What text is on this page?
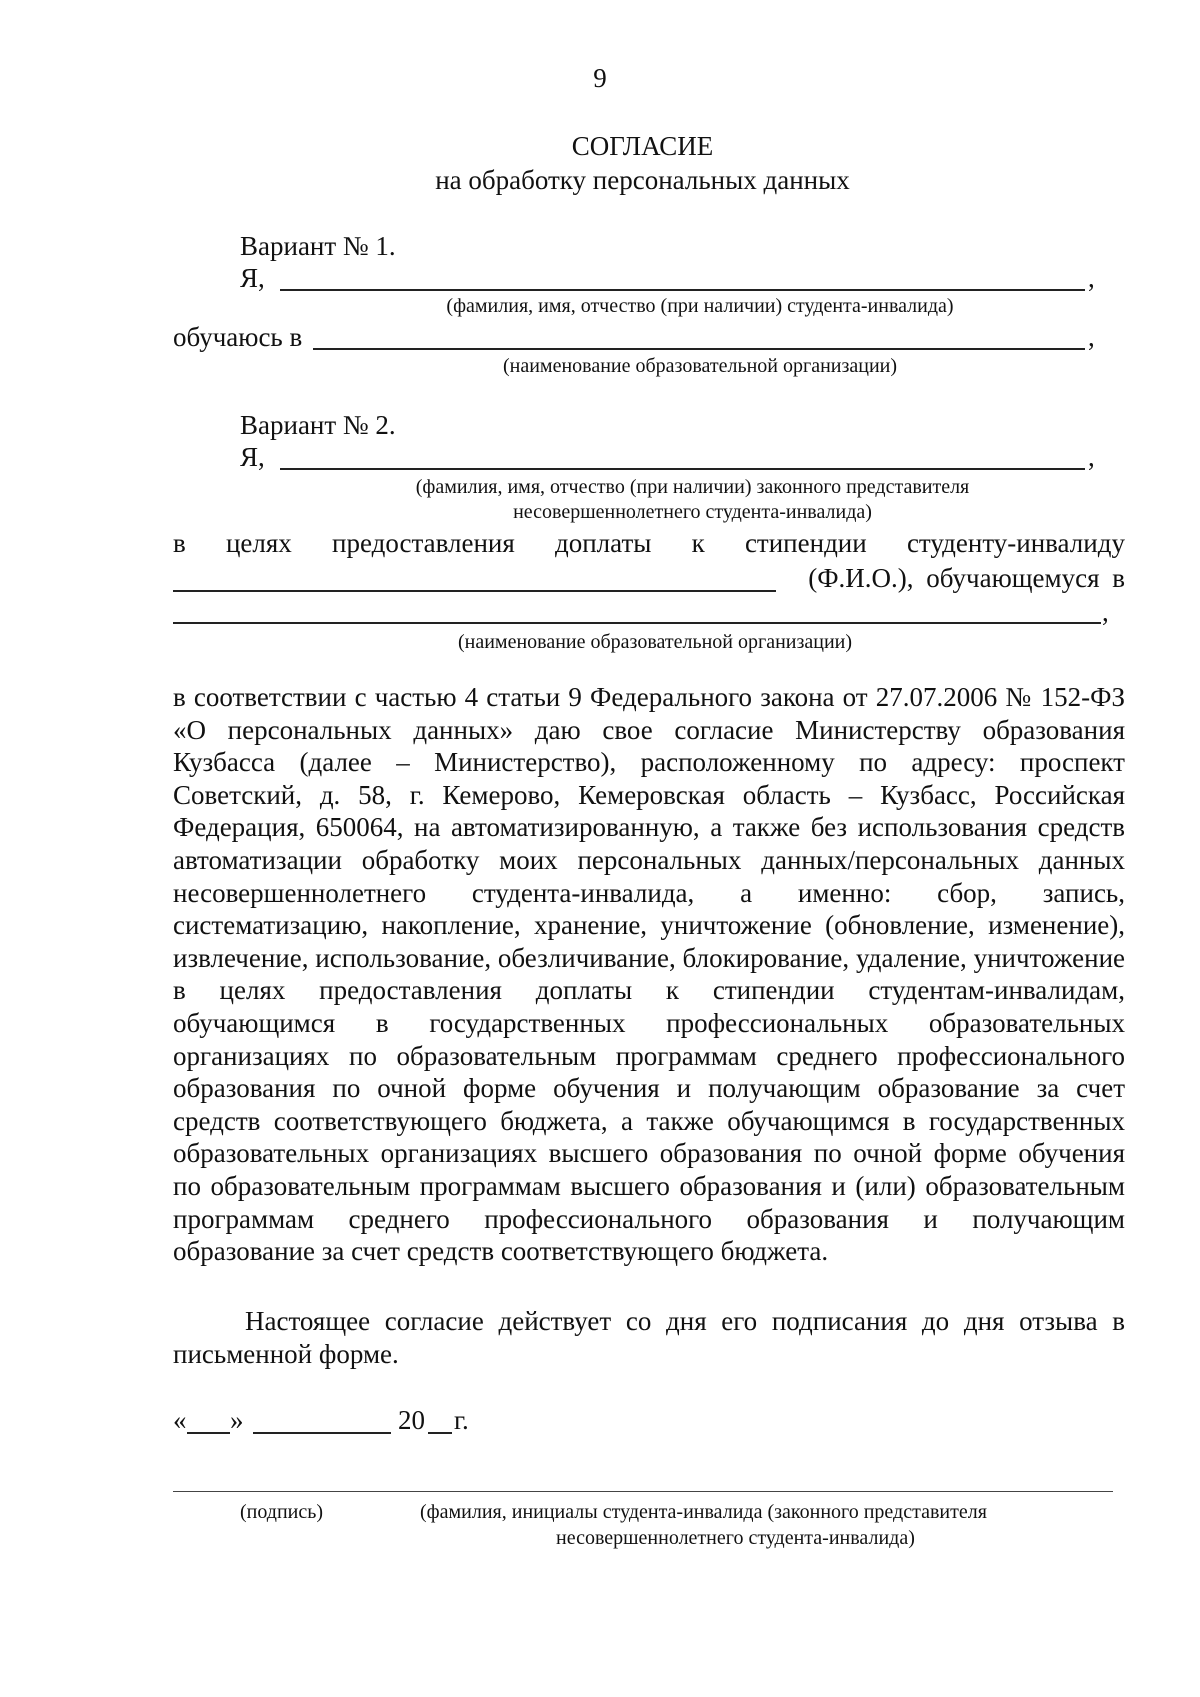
9
СОГЛАСИЕ
на обработку персональных данных
Вариант № 1.
Я,	,
(фамилия, имя, отчество (при наличии) студента-инвалида)
обучаюсь в	,
(наименование образовательной организации)
Вариант № 2.
Я,	,
(фамилия, имя, отчество (при наличии) законного представителя
несовершеннолетнего студента-инвалида)
в целях предоставления доплаты к стипендии студенту-инвалиду
(Ф.И.О.), обучающемуся в
,
(наименование образовательной организации)
в соответствии с частью 4 статьи 9 Федерального закона от 27.07.2006 № 152-ФЗ «О персональных данных» даю свое согласие Министерству образования Кузбасса (далее – Министерство), расположенному по адресу: проспект Советский, д. 58, г. Кемерово, Кемеровская область – Кузбасс, Российская Федерация, 650064, на автоматизированную, а также без использования средств автоматизации обработку моих персональных данных/персональных данных несовершеннолетнего студента-инвалида, а именно: сбор, запись, систематизацию, накопление, хранение, уничтожение (обновление, изменение), извлечение, использование, обезличивание, блокирование, удаление, уничтожение в целях предоставления доплаты к стипендии студентам-инвалидам, обучающимся в государственных профессиональных образовательных организациях по образовательным программам среднего профессионального образования по очной форме обучения и получающим образование за счет средств соответствующего бюджета, а также обучающимся в государственных образовательных организациях высшего образования по очной форме обучения по образовательным программам высшего образования и (или) образовательным программам среднего профессионального образования и получающим образование за счет средств соответствующего бюджета.
Настоящее согласие действует со дня его подписания до дня отзыва в письменной форме.
« »	20 г.
(подпись)	(фамилия, инициалы студента-инвалида (законного представителя
несовершеннолетнего студента-инвалида)
